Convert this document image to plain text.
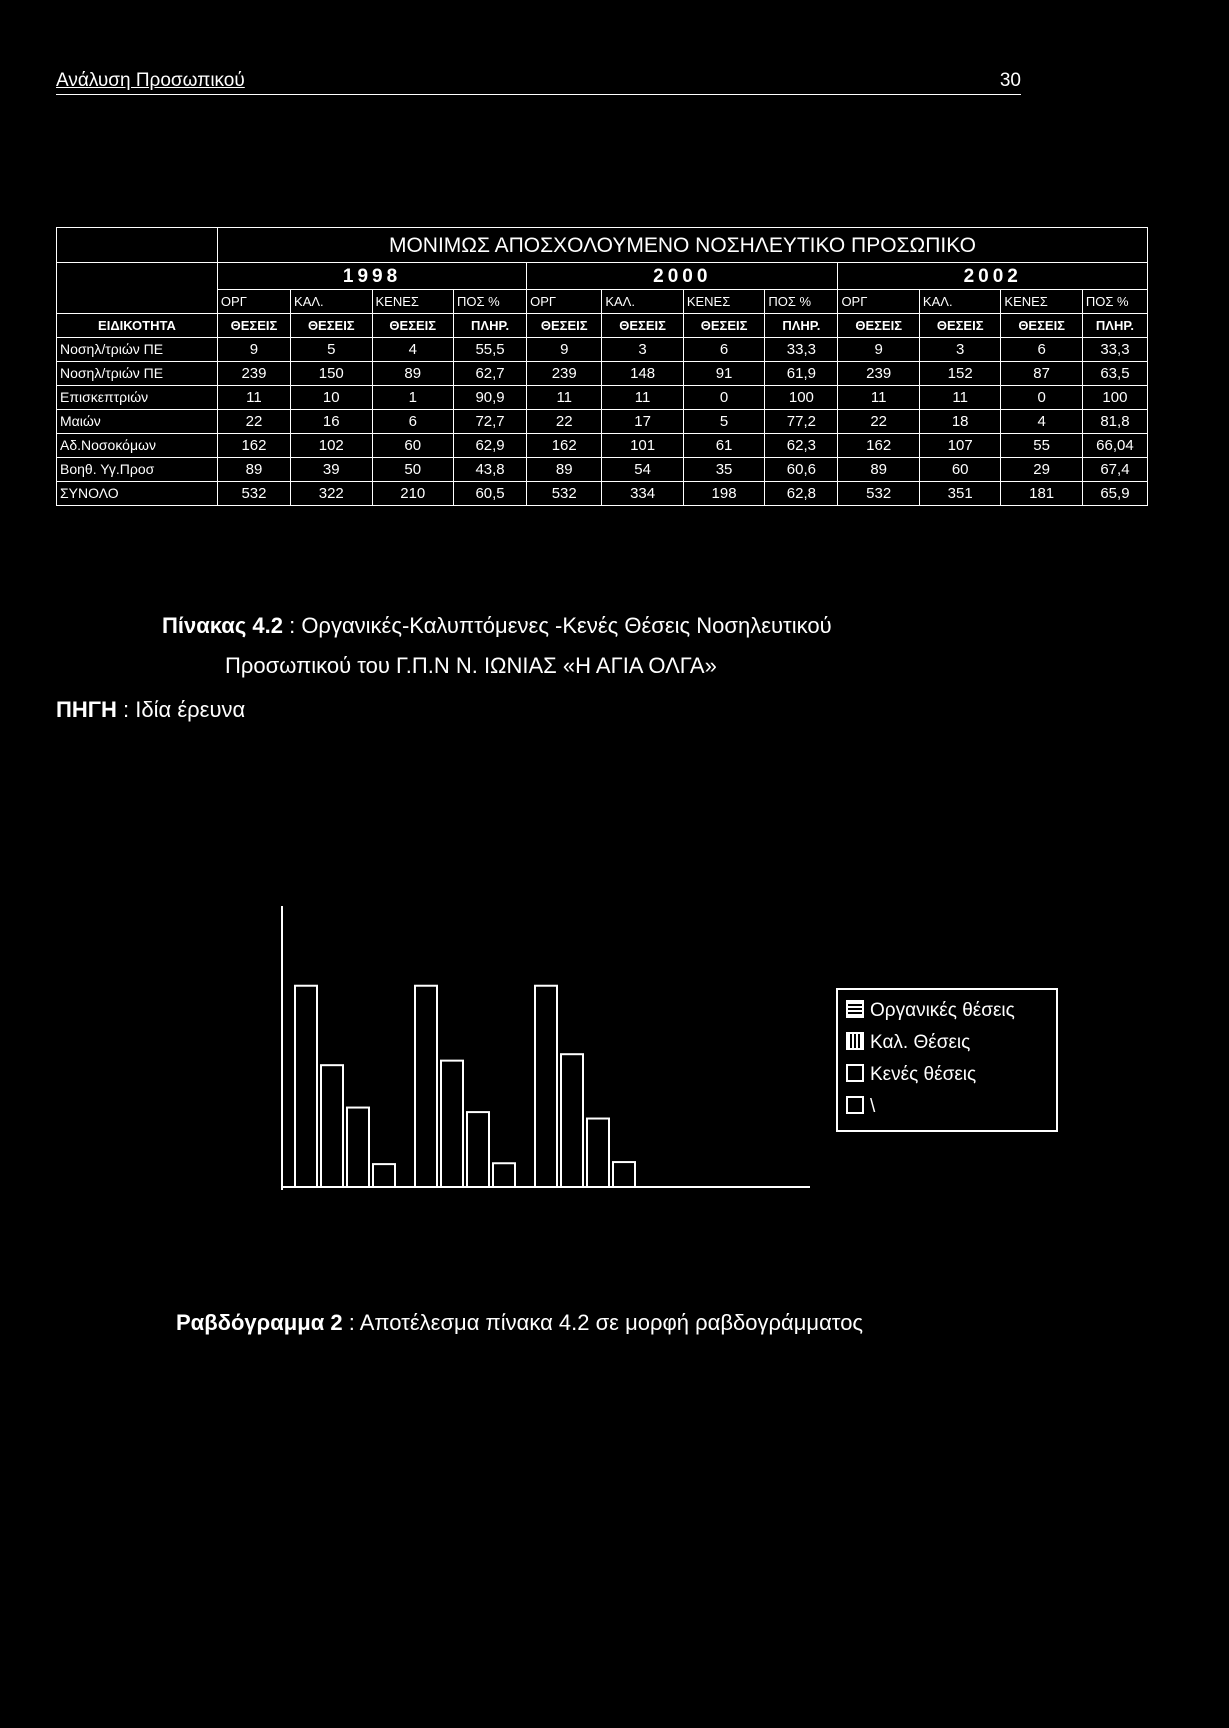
Ανάλυση Προσωπικού	30
	ΜΟΝΙΜΩΣ ΑΠΟΣΧΟΛΟΥΜΕΝΟ ΝΟΣΗΛΕΥΤΙΚΟ ΠΡΟΣΩΠΙΚΟ											
	1998				2000				2002			
	ΟΡΓ	ΚΑΛ.	ΚΕΝΕΣ	ΠΟΣ %	ΟΡΓ	ΚΑΛ.	ΚΕΝΕΣ	ΠΟΣ %	ΟΡΓ	ΚΑΛ.	ΚΕΝΕΣ	ΠΟΣ %
ΕΙΔΙΚΟΤΗΤΑ	ΘΕΣΕΙΣ	ΘΕΣΕΙΣ	ΘΕΣΕΙΣ	ΠΛΗΡ.	ΘΕΣΕΙΣ	ΘΕΣΕΙΣ	ΘΕΣΕΙΣ	ΠΛΗΡ.	ΘΕΣΕΙΣ	ΘΕΣΕΙΣ	ΘΕΣΕΙΣ	ΠΛΗΡ.
Νοσηλ/τριών ΠΕ	9	5	4	55,5	9	3	6	33,3	9	3	6	33,3
Νοσηλ/τριών ΠΕ	239	150	89	62,7	239	148	91	61,9	239	152	87	63,5
Επισκεπτριών	11	10	1	90,9	11	11	0	100	11	11	0	100
Μαιών	22	16	6	72,7	22	17	5	77,2	22	18	4	81,8
Αδ.Νοσοκόμων	162	102	60	62,9	162	101	61	62,3	162	107	55	66,04
Βοηθ. Υγ.Προσ	89	39	50	43,8	89	54	35	60,6	89	60	29	67,4
ΣΥΝΟΛΟ	532	322	210	60,5	532	334	198	62,8	532	351	181	65,9
Πίνακας 4.2 : Οργανικές-Καλυπτόμενες -Κενές Θέσεις Νοσηλευτικού
Προσωπικού του Γ.Π.Ν Ν. ΙΩΝΙΑΣ «Η ΑΓΙΑ ΟΛΓΑ»
ΠΗΓΗ : Ιδία έρευνα
Οργανικές θέσεις
Καλ. Θέσεις
Κενές θέσεις
\
Ραβδόγραμμα 2 : Αποτέλεσμα πίνακα 4.2 σε μορφή ραβδογράμματος
